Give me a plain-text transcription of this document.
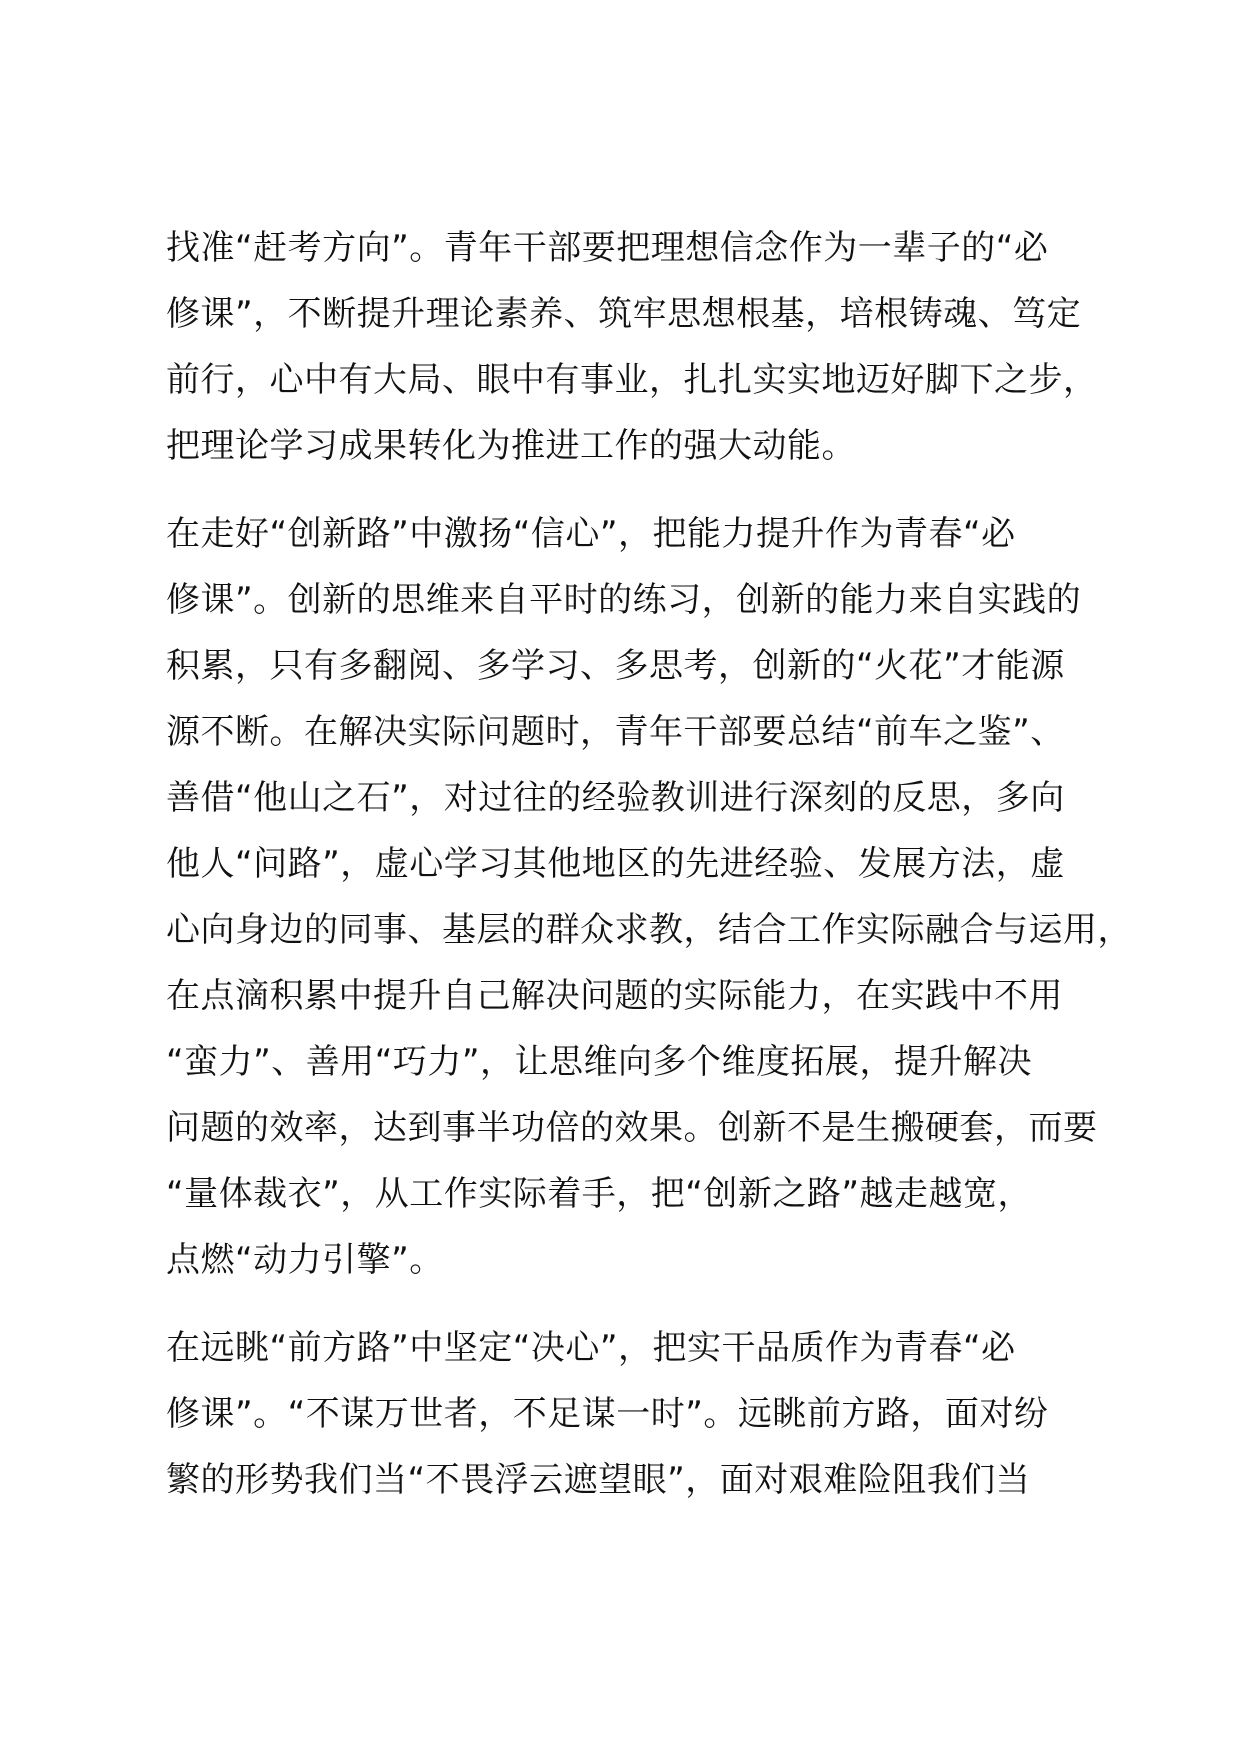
找准“赶考方向”。青年干部要把理想信念作为一辈子的“必
修课”，不断提升理论素养、筑牢思想根基，培根铸魂、笃定
前行，心中有大局、眼中有事业，扎扎实实地迈好脚下之步，
把理论学习成果转化为推进工作的强大动能。
在走好“创新路”中激扬“信心”，把能力提升作为青春“必
修课”。创新的思维来自平时的练习，创新的能力来自实践的
积累，只有多翻阅、多学习、多思考，创新的“火花”才能源
源不断。在解决实际问题时，青年干部要总结“前车之鉴”、
善借“他山之石”，对过往的经验教训进行深刻的反思，多向
他人“问路”，虚心学习其他地区的先进经验、发展方法，虚
心向身边的同事、基层的群众求教，结合工作实际融合与运用，
在点滴积累中提升自己解决问题的实际能力，在实践中不用
“蛮力”、善用“巧力”，让思维向多个维度拓展，提升解决
问题的效率，达到事半功倍的效果。创新不是生搬硬套，而要
“量体裁衣”，从工作实际着手，把“创新之路”越走越宽，
点燃“动力引擎”。
在远眺“前方路”中坚定“决心”，把实干品质作为青春“必
修课”。“不谋万世者，不足谋一时”。远眺前方路，面对纷
繁的形势我们当“不畏浮云遮望眼”，面对艰难险阻我们当
